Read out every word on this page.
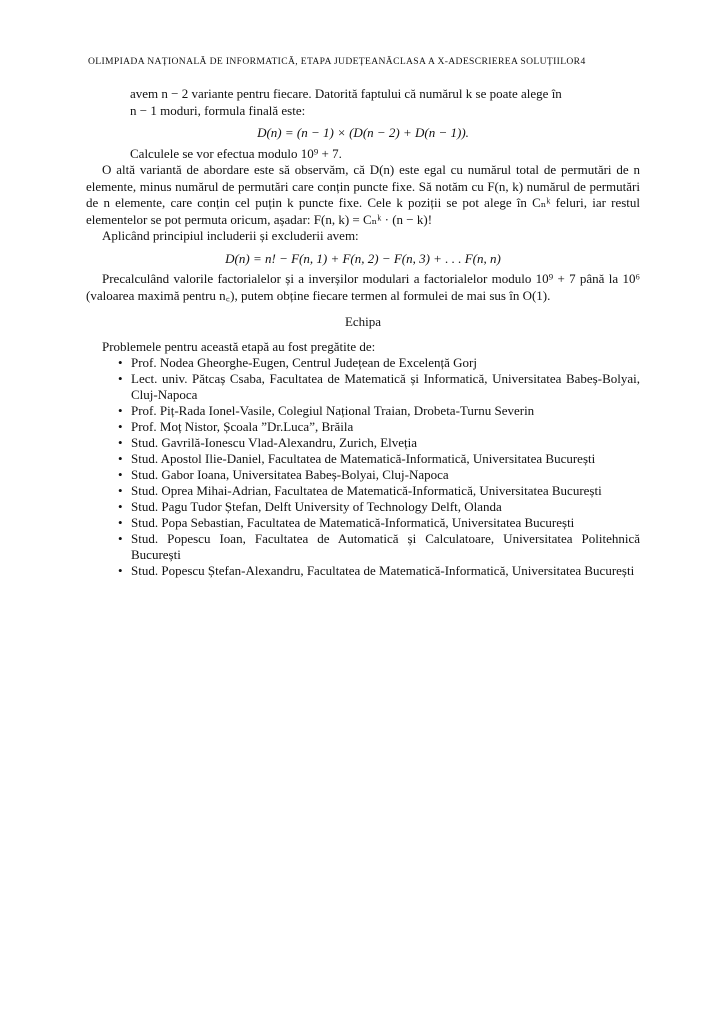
OLIMPIADA NAȚIONALĂ DE INFORMATICĂ, ETAPA JUDEȚEANĂCLASA A X-ADESCRIEREA SOLUȚIILOR4

avem n − 2 variante pentru fiecare. Datorită faptului că numărul k se poate alege în

n − 1 moduri, formula finală este:

D(n) = (n − 1) × (D(n − 2) + D(n − 1)).

Calculele se vor efectua modulo 10⁹ + 7.

O altă variantă de abordare este să observăm, că D(n) este egal cu numărul total de permutări de n elemente, minus numărul de permutări care conțin puncte fixe. Să notăm cu F(n, k) numărul de permutări de n elemente, care conțin cel puțin k puncte fixe. Cele k poziții se pot alege în Cₙᵏ feluri, iar restul elementelor se pot permuta oricum, așadar: F(n, k) = Cₙᵏ · (n − k)!

Aplicând principiul includerii și excluderii avem:

D(n) = n! − F(n, 1) + F(n, 2) − F(n, 3) + . . . F(n, n)

Precalculând valorile factorialelor și a inverșilor modulari a factorialelor modulo 10⁹ + 7 până la 10⁶ (valoarea maximă pentru n꜀), putem obține fiecare termen al formulei de mai sus în O(1).

Echipa

Problemele pentru această etapă au fost pregătite de:

• Prof. Nodea Gheorghe-Eugen, Centrul Județean de Excelență Gorj
• Lect. univ. Pătcaș Csaba, Facultatea de Matematică și Informatică, Universitatea Babeș-Bolyai, Cluj-Napoca
• Prof. Piț-Rada Ionel-Vasile, Colegiul Național Traian, Drobeta-Turnu Severin
• Prof. Moț Nistor, Școala ”Dr.Luca”, Brăila
• Stud. Gavrilă-Ionescu Vlad-Alexandru, Zurich, Elveția
• Stud. Apostol Ilie-Daniel, Facultatea de Matematică-Informatică, Universitatea București
• Stud. Gabor Ioana, Universitatea Babeș-Bolyai, Cluj-Napoca
• Stud. Oprea Mihai-Adrian, Facultatea de Matematică-Informatică, Universitatea București
• Stud. Pagu Tudor Ștefan, Delft University of Technology Delft, Olanda
• Stud. Popa Sebastian, Facultatea de Matematică-Informatică, Universitatea București
• Stud. Popescu Ioan, Facultatea de Automatică și Calculatoare, Universitatea Politehnică București
• Stud. Popescu Ștefan-Alexandru, Facultatea de Matematică-Informatică, Universitatea București
